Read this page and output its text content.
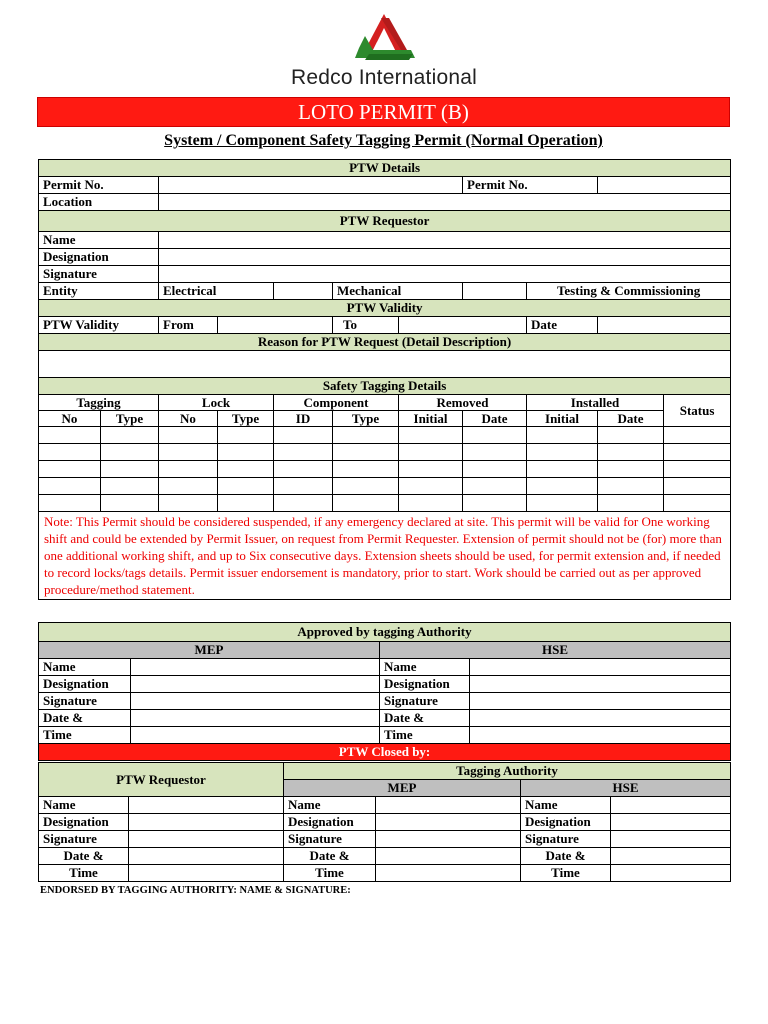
Redco International
LOTO PERMIT (B)
System / Component Safety Tagging Permit (Normal Operation)
PTW Details										
Permit No.							Permit No.			
Location										
PTW Requestor										
Name										
Designation										
Signature										
Entity		Electrical			Mechanical			Testing & Commissioning		
PTW Validity										
PTW Validity		From			To			Date		
Reason for PTW Request (Detail Description)										

Safety Tagging Details										
Tagging		Lock		Component		Removed		Installed		Status
No	Type	No	Type	ID	Type	Initial	Date	Initial	Date	

Note: This Permit should be considered suspended, if any emergency declared at site. This permit will be valid for One working shift and could be extended by Permit Issuer, on request from Permit Requester. Extension of permit should not be (for) more than one additional working shift, and up to Six consecutive days. Extension sheets should be used, for permit extension and, if needed to record locks/tags details. Permit issuer endorsement is mandatory, prior to start. Work should be carried out as per approved procedure/method statement.										
Approved by tagging Authority			
MEP		HSE	
Name		Name	
Designation		Designation	
Signature		Signature	
Date &		Date &	
Time		Time	
PTW Closed by:			
PTW Requestor		Tagging Authority			
		MEP		HSE	
Name		Name		Name	
Designation		Designation		Designation	
Signature		Signature		Signature	
Date &		Date &		Date &	
Time		Time		Time	
ENDORSED BY TAGGING AUTHORITY: NAME & SIGNATURE:
